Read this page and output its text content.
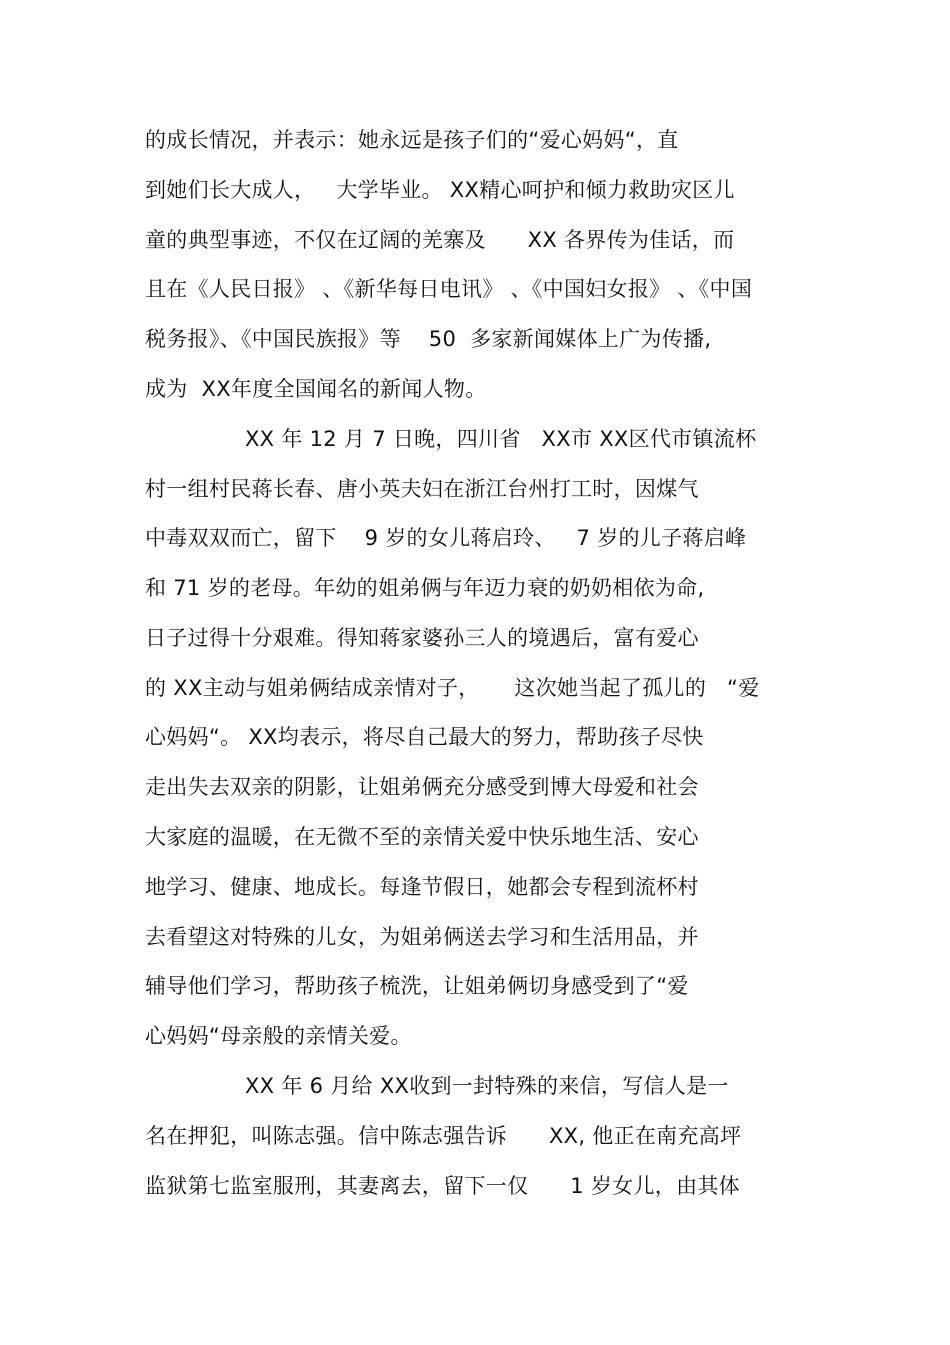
的成长情况，并表示：她永远是孩子们的“爱心妈妈“，直
到她们长大成人，   大学毕业。 XX精心呵护和倾力救助灾区儿
童的典型事迹，不仅在辽阔的羌寨及      XX 各界传为佳话，而
且在《人民日报》 、《新华每日电讯》 、《中国妇女报》 、《中国
税务报》、《中国民族报》等    50  多家新闻媒体上广为传播,
成为  XX年度全国闻名的新闻人物。
XX 年 12 月 7 日晚，四川省   XX市 XX区代市镇流杯
村一组村民蒋长春、唐小英夫妇在浙江台州打工时，因煤气
中毒双双而亡，留下    9 岁的女儿蒋启玲、   7 岁的儿子蒋启峰
和 71 岁的老母。年幼的姐弟俩与年迈力衰的奶奶相依为命,
日子过得十分艰难。得知蒋家婆孙三人的境遇后，富有爱心
的 XX主动与姐弟俩结成亲情对子，     这次她当起了孤儿的   “爱
心妈妈“。 XX均表示，将尽自己最大的努力，帮助孩子尽快
走出失去双亲的阴影，让姐弟俩充分感受到博大母爱和社会
大家庭的温暖，在无微不至的亲情关爱中快乐地生活、安心
地学习、健康、地成长。每逢节假日，她都会专程到流杯村
去看望这对特殊的儿女，为姐弟俩送去学习和生活用品，并
辅导他们学习，帮助孩子梳洗，让姐弟俩切身感受到了“爱
心妈妈“母亲般的亲情关爱。
XX 年 6 月给 XX收到一封特殊的来信，写信人是一
名在押犯，叫陈志强。信中陈志强告诉      XX, 他正在南充高坪
监狱第七监室服刑，其妻离去，留下一仅      1 岁女儿，由其体
